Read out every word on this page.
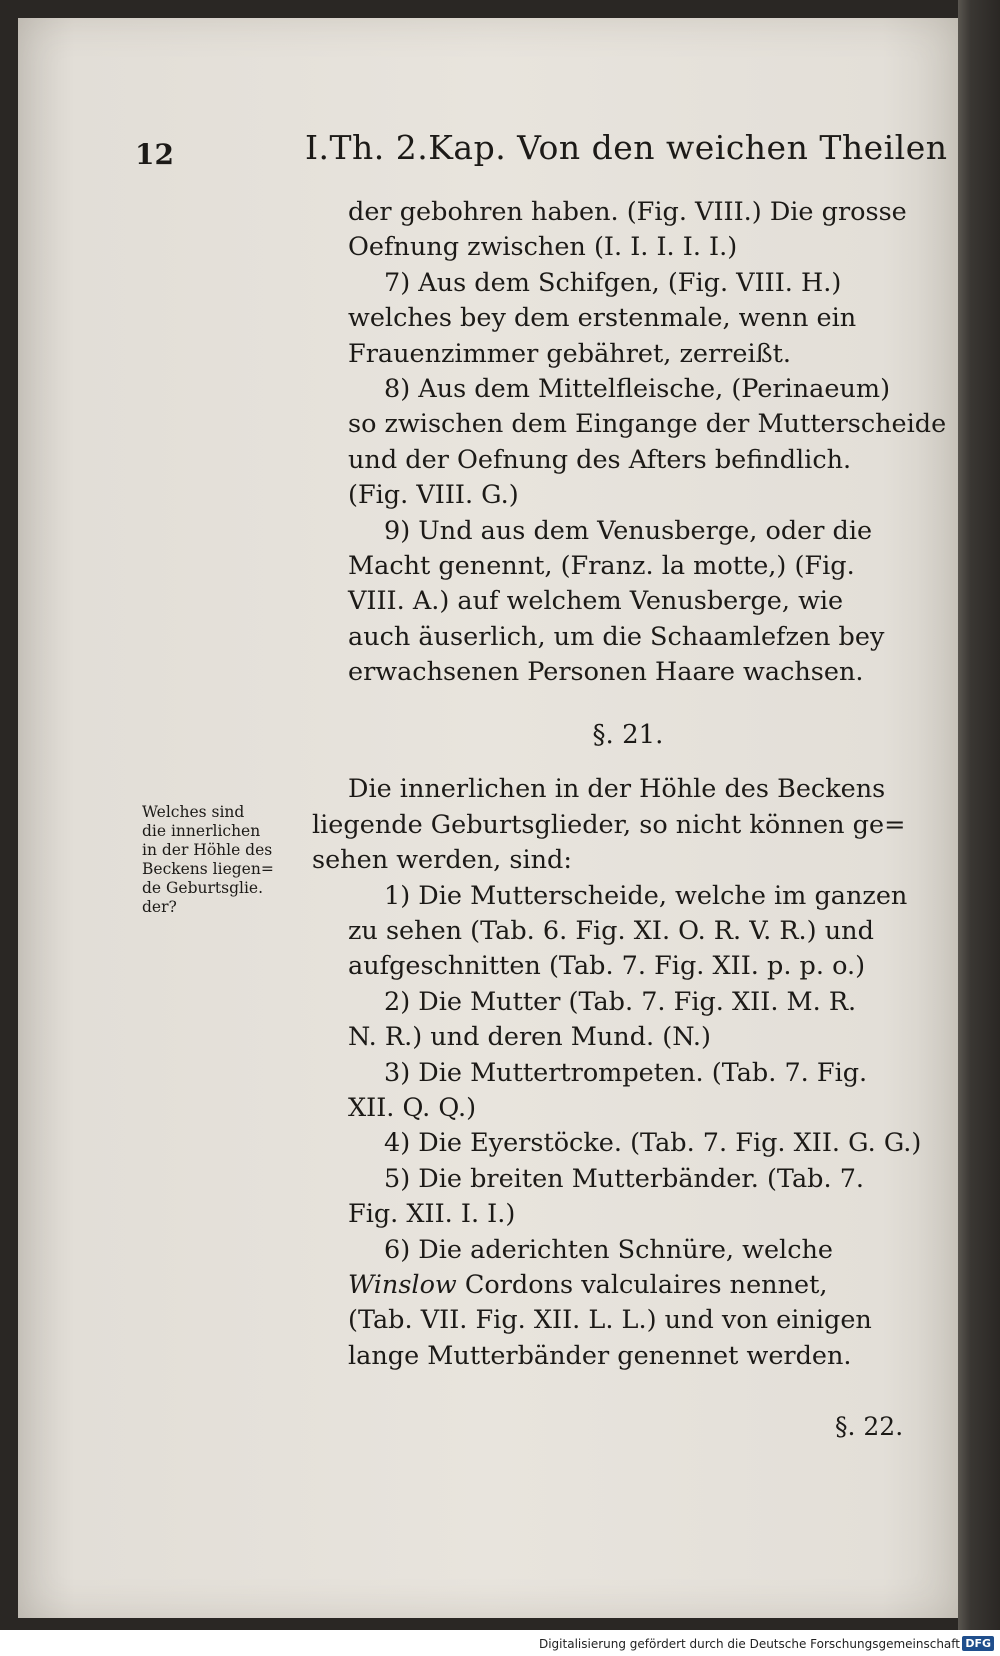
12	I.Th. 2.Kap. Von den weichen Theilen
der gebohren haben. (Fig. VIII.) Die grosse
Oefnung zwischen (I. I. I. I. I.)
7) Aus dem Schifgen, (Fig. VIII. H.)
welches bey dem erstenmale, wenn ein
Frauenzimmer gebähret, zerreißt.
8) Aus dem Mittelfleische, (Perinaeum)
so zwischen dem Eingange der Mutterscheide
und der Oefnung des Afters befindlich.
(Fig. VIII. G.)
9) Und aus dem Venusberge, oder die
Macht genennt, (Franz. la motte,) (Fig.
VIII. A.) auf welchem Venusberge, wie
auch äuserlich, um die Schaamlefzen bey
erwachsenen Personen Haare wachsen.
§. 21.
Die innerlichen in der Höhle des Beckens
liegende Geburtsglieder, so nicht können ge=
sehen werden, sind:
1) Die Mutterscheide, welche im ganzen
zu sehen (Tab. 6. Fig. XI. O. R. V. R.) und
aufgeschnitten (Tab. 7. Fig. XII. p. p. o.)
2) Die Mutter (Tab. 7. Fig. XII. M. R.
N. R.) und deren Mund. (N.)
3) Die Muttertrompeten. (Tab. 7. Fig.
XII. Q. Q.)
4) Die Eyerstöcke. (Tab. 7. Fig. XII. G. G.)
5) Die breiten Mutterbänder. (Tab. 7.
Fig. XII. I. I.)
6) Die aderichten Schnüre, welche
Winslow Cordons valculaires nennet,
(Tab. VII. Fig. XII. L. L.) und von einigen
lange Mutterbänder genennet werden.
Welches sind
die innerlichen
in der Höhle des
Beckens liegen=
de Geburtsglie.
der?
§. 22.
Digitalisierung gefördert durch die Deutsche Forschungsgemeinschaft DFG
